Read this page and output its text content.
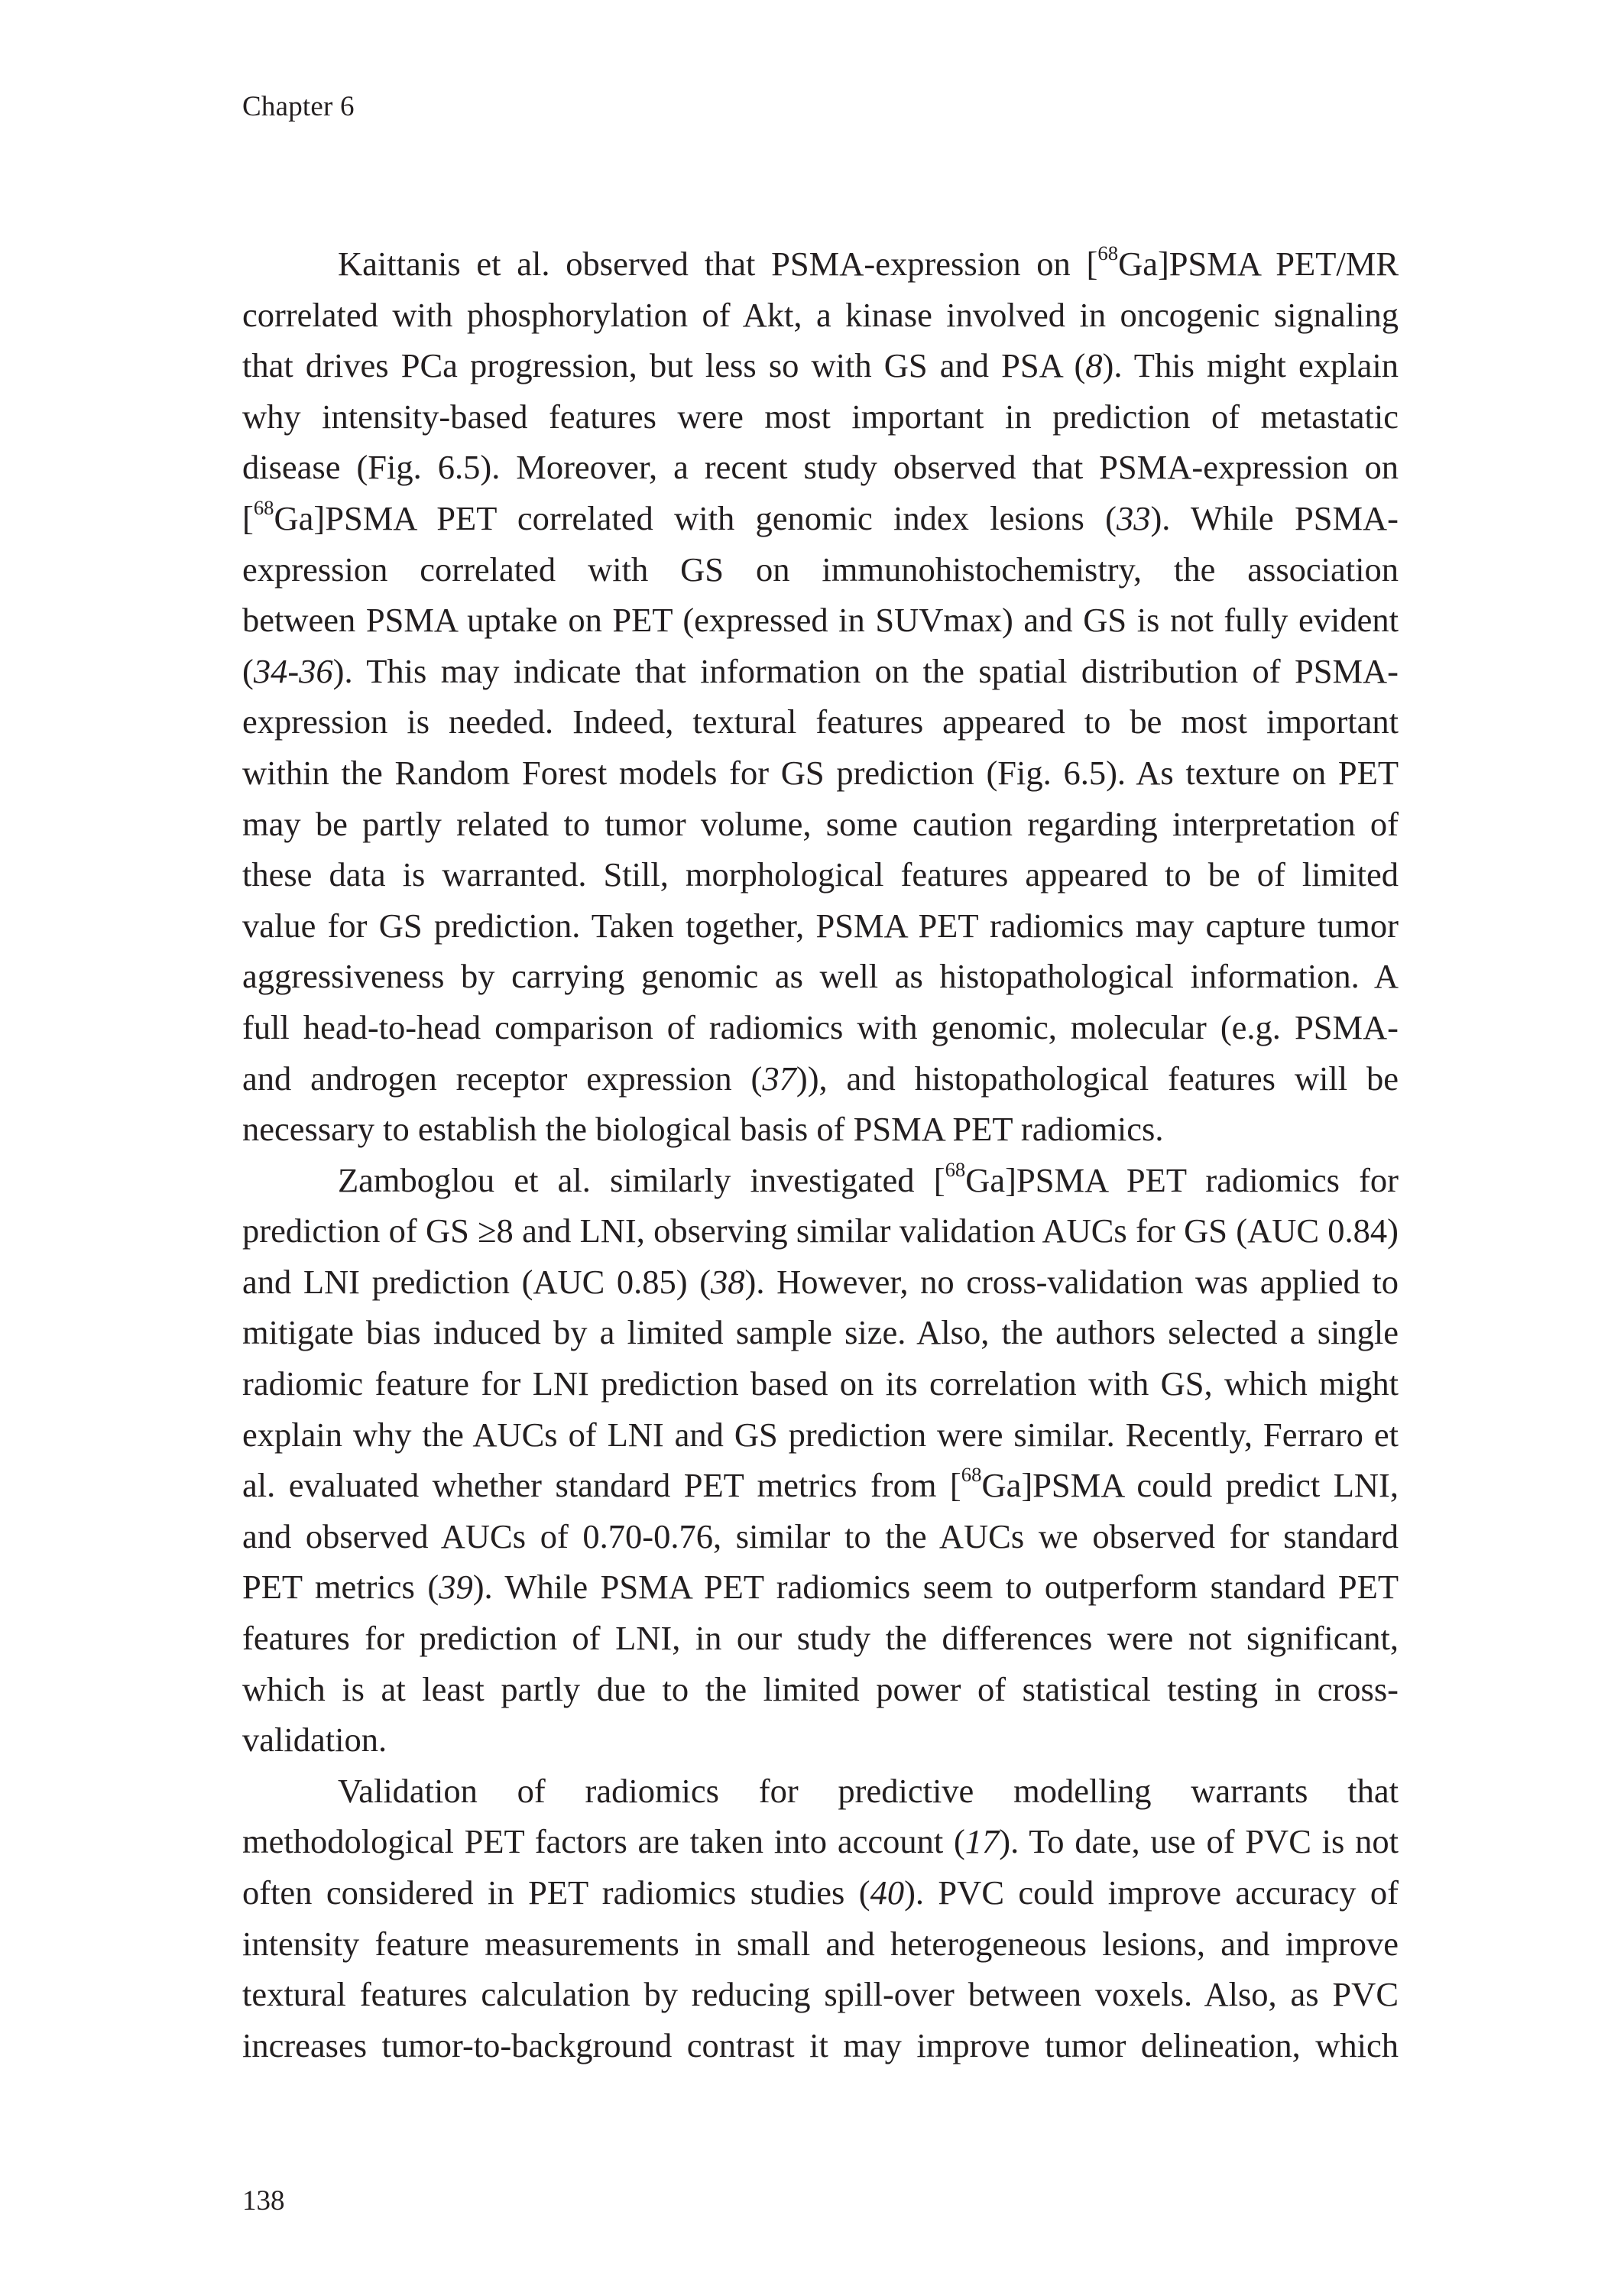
Chapter 6
Kaittanis et al. observed that PSMA-expression on [$^{68}$Ga]PSMA PET/MR
correlated with phosphorylation of Akt, a kinase involved in oncogenic signaling
that drives PCa progression, but less so with GS and PSA (8). This might explain
why intensity-based features were most important in prediction of metastatic
disease (Fig. 6.5). Moreover, a recent study observed that PSMA-expression on
[$^{68}$Ga]PSMA PET correlated with genomic index lesions (33). While PSMA-
expression correlated with GS on immunohistochemistry, the association
between PSMA uptake on PET (expressed in SUVmax) and GS is not fully evident
(34-36). This may indicate that information on the spatial distribution of PSMA-
expression is needed. Indeed, textural features appeared to be most important
within the Random Forest models for GS prediction (Fig. 6.5). As texture on PET
may be partly related to tumor volume, some caution regarding interpretation of
these data is warranted. Still, morphological features appeared to be of limited
value for GS prediction. Taken together, PSMA PET radiomics may capture tumor
aggressiveness by carrying genomic as well as histopathological information. A
full head-to-head comparison of radiomics with genomic, molecular (e.g. PSMA-
and androgen receptor expression (37)), and histopathological features will be
necessary to establish the biological basis of PSMA PET radiomics.
Zamboglou et al. similarly investigated [$^{68}$Ga]PSMA PET radiomics for
prediction of GS ≥8 and LNI, observing similar validation AUCs for GS (AUC 0.84)
and LNI prediction (AUC 0.85) (38). However, no cross-validation was applied to
mitigate bias induced by a limited sample size. Also, the authors selected a single
radiomic feature for LNI prediction based on its correlation with GS, which might
explain why the AUCs of LNI and GS prediction were similar. Recently, Ferraro et
al. evaluated whether standard PET metrics from [$^{68}$Ga]PSMA could predict LNI,
and observed AUCs of 0.70-0.76, similar to the AUCs we observed for standard
PET metrics (39). While PSMA PET radiomics seem to outperform standard PET
features for prediction of LNI, in our study the differences were not significant,
which is at least partly due to the limited power of statistical testing in cross-
validation.
Validation of radiomics for predictive modelling warrants that
methodological PET factors are taken into account (17). To date, use of PVC is not
often considered in PET radiomics studies (40). PVC could improve accuracy of
intensity feature measurements in small and heterogeneous lesions, and improve
textural features calculation by reducing spill-over between voxels. Also, as PVC
increases tumor-to-background contrast it may improve tumor delineation, which
138
